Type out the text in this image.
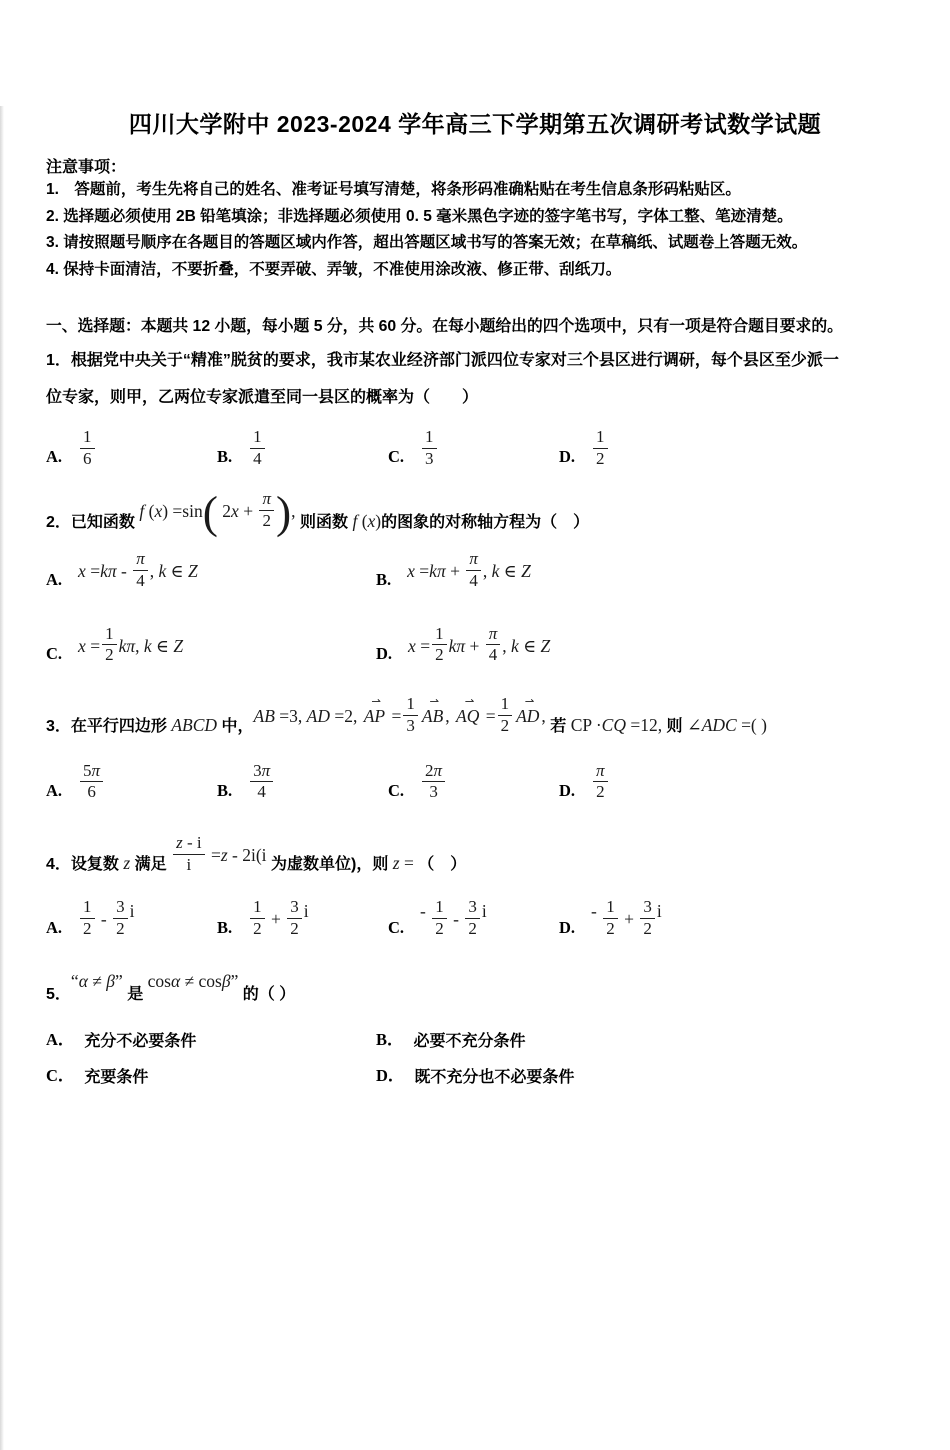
四川大学附中 2023-2024 学年高三下学期第五次调研考试数学试题
注意事项：
1.　答题前，考生先将自己的姓名、准考证号填写清楚，将条形码准确粘贴在考生信息条形码粘贴区。
2. 选择题必须使用 2B 铅笔填涂；非选择题必须使用 0. 5 毫米黑色字迹的签字笔书写，字体工整、笔迹清楚。
3. 请按照题号顺序在各题目的答题区域内作答，超出答题区域书写的答案无效；在草稿纸、试题卷上答题无效。
4. 保持卡面清洁，不要折叠，不要弄破、弄皱，不准使用涂改液、修正带、刮纸刀。
一、选择题：本题共 12 小题，每小题 5 分，共 60 分。在每小题给出的四个选项中，只有一项是符合题目要求的。
1．根据党中央关于“精准”脱贫的要求，我市某农业经济部门派四位专家对三个县区进行调研，每个县区至少派一
位专家，则甲，乙两位专家派遣至同一县区的概率为（　　）
A. $\frac{1}{6}$	B. $\frac{1}{4}$	C. $\frac{1}{3}$	D. $\frac{1}{2}$
2．已知函数
f (x) =sin( $2x + \frac{\pi}{2}$ ),
则函数 f (x)的图象的对称轴方程为（　）
A. $x =k\pi - \frac{\pi}{4}$ , k ∈ Z	B. $x =k\pi + \frac{\pi}{4}$ , k ∈ Z
C. $x = \frac{1}{2} k\pi$, k ∈ Z	D. $x = \frac{1}{2}$ $k\pi + \frac{\pi}{4}$ , k ∈ Z
3．在平行四边形 ABCD 中， AB =3, AD =2,
⇀
AP = $\frac{1}{3}$ ⇀
AB ,
⇀
AQ = $\frac{1}{2}$ ⇀
AD , 若 CP ·CQ =12, 则 ∠ADC =( )
A. $\frac{5\pi}{6}$	B. $\frac{3\pi}{4}$	C. $\frac{2\pi}{3}$	D. $\frac{\pi}{2}$
4．设复数 z 满足 $\frac{z - i}{i} =z - 2i(i$ 为虚数单位)，则 z = （　）
A. $\frac{1}{2} - \frac{3}{2}$ i
B. $\frac{1}{2} + \frac{3}{2}$ i
C.
- $\frac{1}{2} - \frac{3}{2}$ i
D.
- $\frac{1}{2} + \frac{3}{2}$ i
5．
“α ≠ β”
是
cosα ≠ cosβ”
的（ ）
A． 充分不必要条件	B． 必要不充分条件
C． 充要条件	D． 既不充分也不必要条件
